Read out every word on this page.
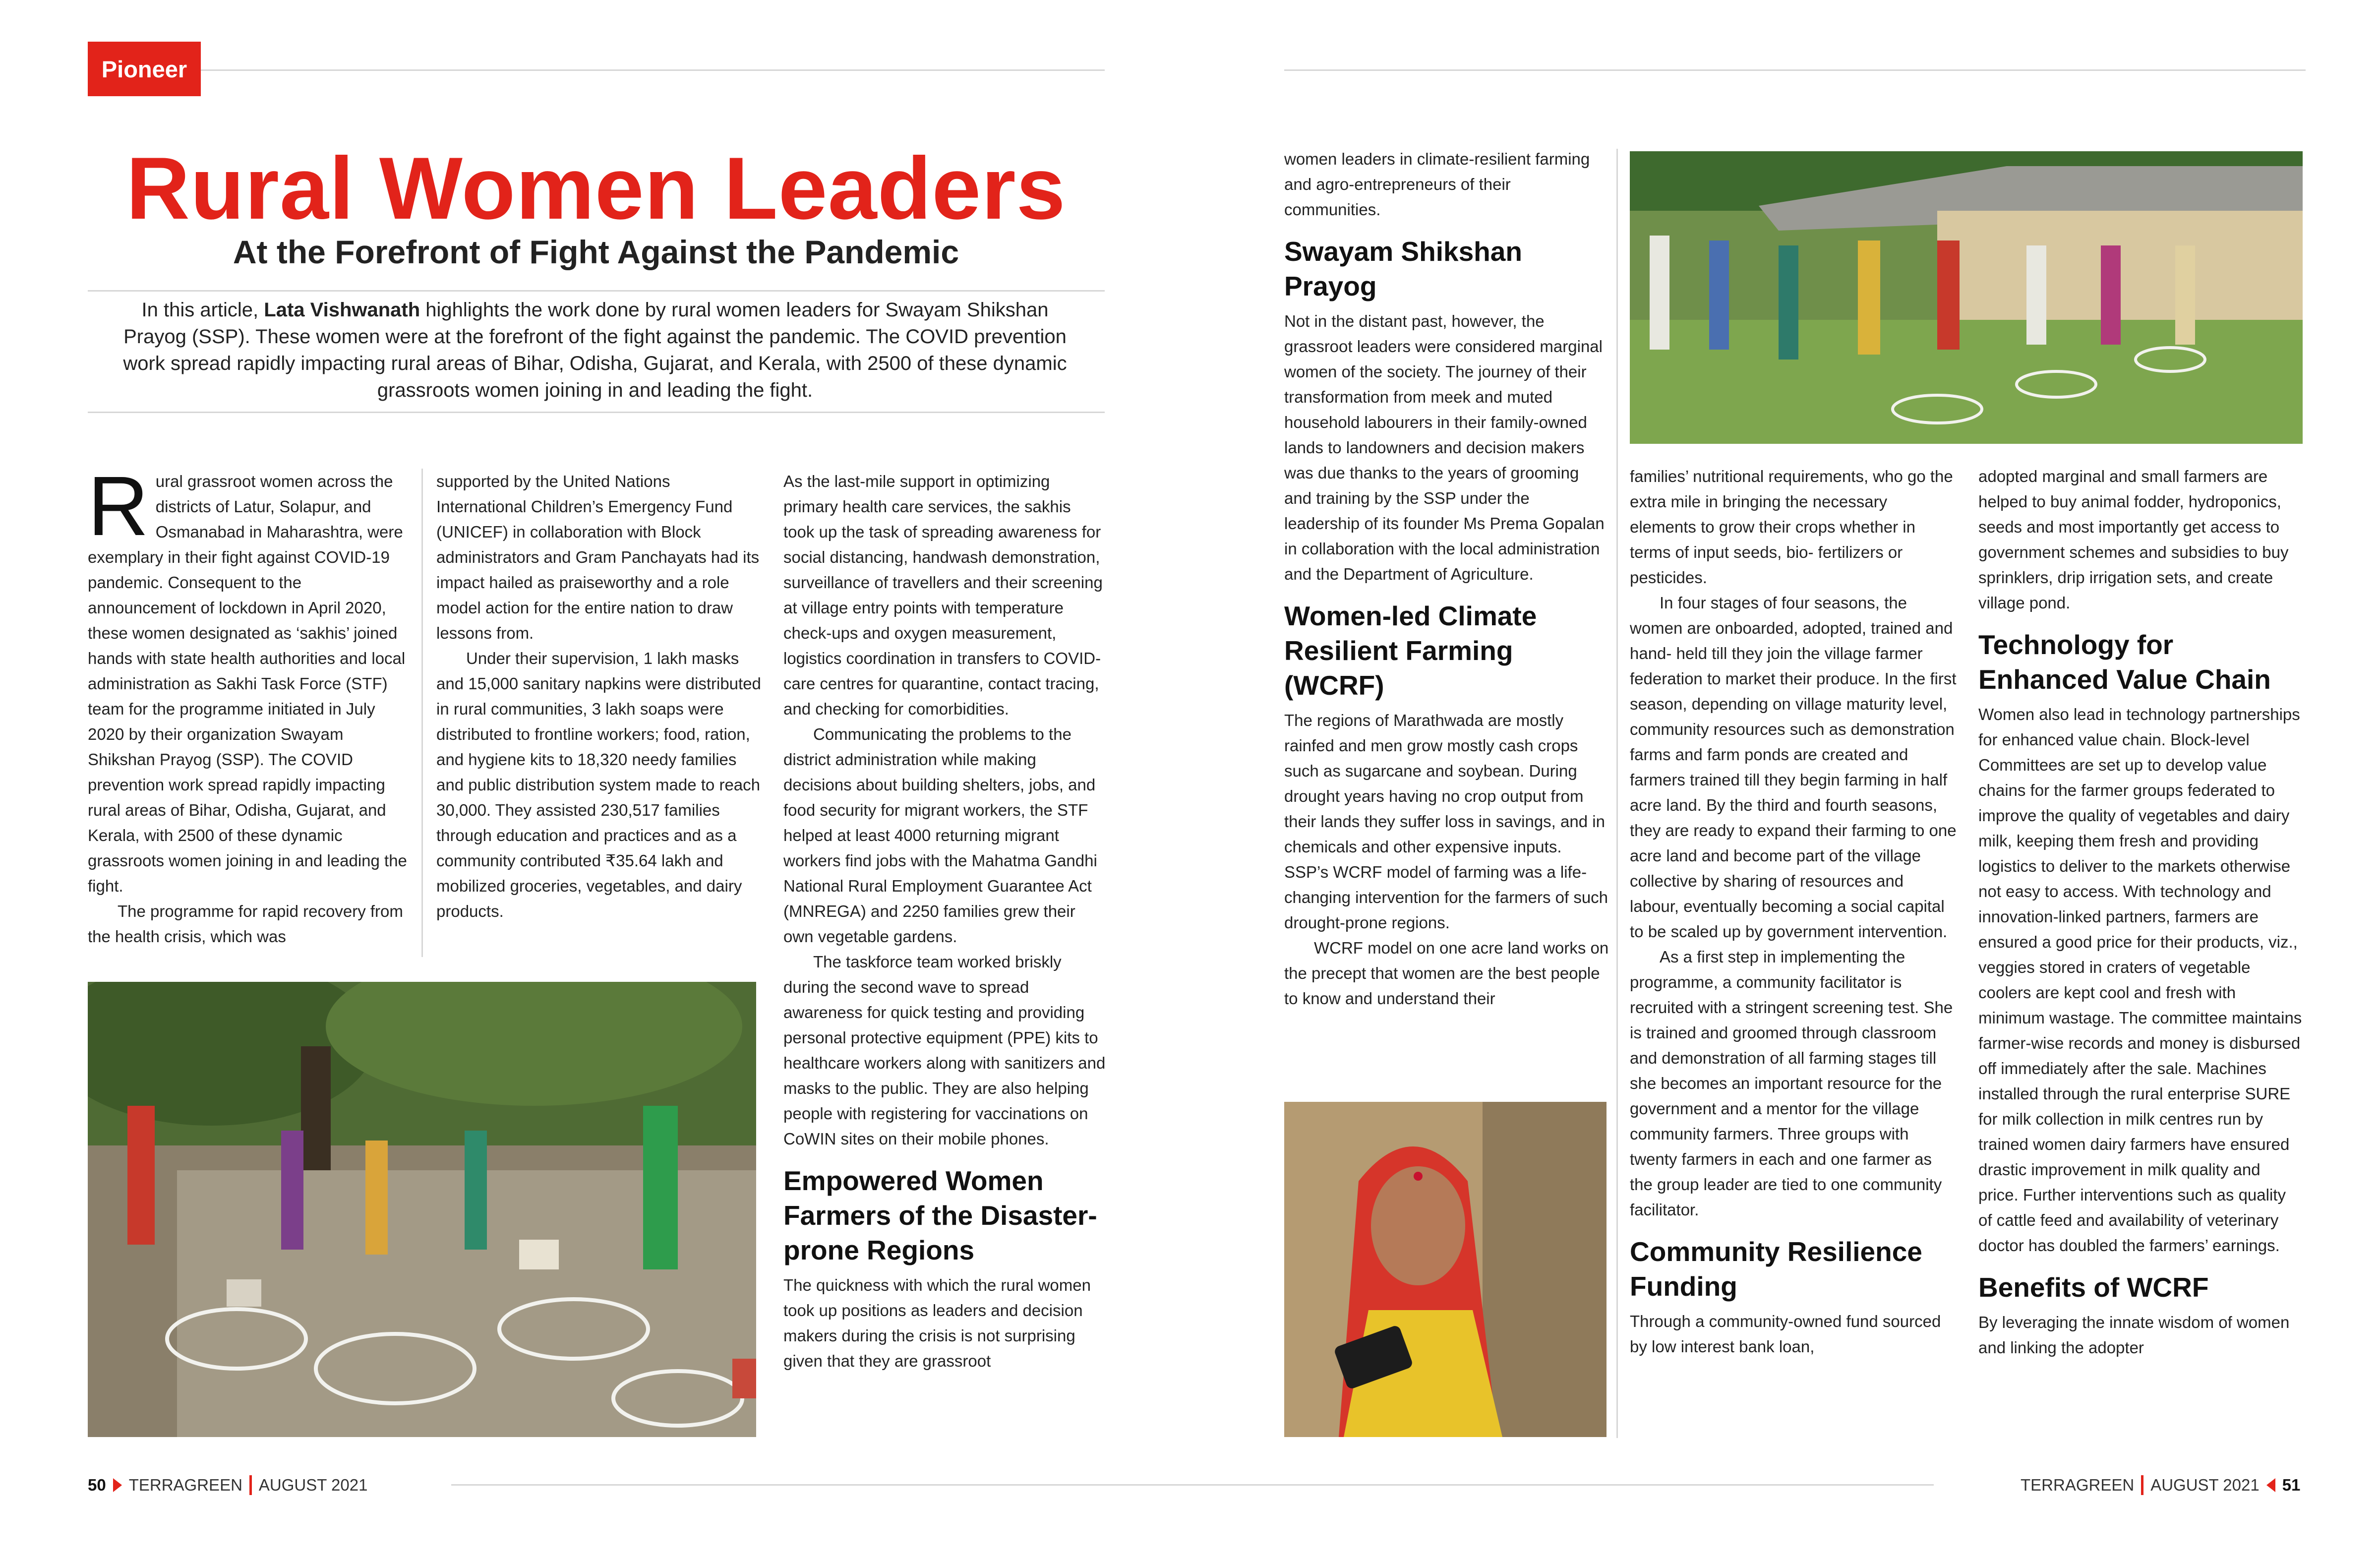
Pioneer
Rural Women Leaders
At the Forefront of Fight Against the Pandemic
In this article, Lata Vishwanath highlights the work done by rural women leaders for Swayam Shikshan Prayog (SSP). These women were at the forefront of the fight against the pandemic. The COVID prevention work spread rapidly impacting rural areas of Bihar, Odisha, Gujarat, and Kerala, with 2500 of these dynamic grassroots women joining in and leading the fight.

Rural grassroot women across the districts of Latur, Solapur, and Osmanabad in Maharashtra, were exemplary in their fight against COVID-19 pandemic. Consequent to the announcement of lockdown in April 2020, these women designated as ‘sakhis’ joined hands with state health authorities and local administration as Sakhi Task Force (STF) team for the programme initiated in July 2020 by their organization Swayam Shikshan Prayog (SSP). The COVID prevention work spread rapidly impacting rural areas of Bihar, Odisha, Gujarat, and Kerala, with 2500 of these dynamic grassroots women joining in and leading the fight.

The programme for rapid recovery from the health crisis, which was

supported by the United Nations International Children’s Emergency Fund (UNICEF) in collaboration with Block administrators and Gram Panchayats had its impact hailed as praiseworthy and a role model action for the entire nation to draw lessons from.

Under their supervision, 1 lakh masks and 15,000 sanitary napkins were distributed in rural communities, 3 lakh soaps were distributed to frontline workers; food, ration, and hygiene kits to 18,320 needy families and public distribution system made to reach 30,000. They assisted 230,517 families through education and practices and as a community contributed ₹35.64 lakh and mobilized groceries, vegetables, and dairy products.

As the last-mile support in optimizing primary health care services, the sakhis took up the task of spreading awareness for social distancing, handwash demonstration, surveillance of travellers and their screening at village entry points with temperature check-ups and oxygen measurement, logistics coordination in transfers to COVID-care centres for quarantine, contact tracing, and checking for comorbidities.

Communicating the problems to the district administration while making decisions about building shelters, jobs, and food security for migrant workers, the STF helped at least 4000 returning migrant workers find jobs with the Mahatma Gandhi National Rural Employment Guarantee Act (MNREGA) and 2250 families grew their own vegetable gardens.

The taskforce team worked briskly during the second wave to spread awareness for quick testing and providing personal protective equipment (PPE) kits to healthcare workers along with sanitizers and masks to the public. They are also helping people with registering for vaccinations on CoWIN sites on their mobile phones.

Empowered Women Farmers of the Disaster-prone Regions

The quickness with which the rural women took up positions as leaders and decision makers during the crisis is not surprising given that they are grassroot

women leaders in climate-resilient farming and agro-entrepreneurs of their communities.

Swayam Shikshan Prayog

Not in the distant past, however, the grassroot leaders were considered marginal women of the society. The journey of their transformation from meek and muted household labourers in their family-owned lands to landowners and decision makers was due thanks to the years of grooming and training by the SSP under the leadership of its founder Ms Prema Gopalan in collaboration with the local administration and the Department of Agriculture.

Women-led Climate Resilient Farming (WCRF)

The regions of Marathwada are mostly rainfed and men grow mostly cash crops such as sugarcane and soybean. During drought years having no crop output from their lands they suffer loss in savings, and in chemicals and other expensive inputs. SSP’s WCRF model of farming was a life-changing intervention for the farmers of such drought-prone regions.

WCRF model on one acre land works on the precept that women are the best people to know and understand their

families’ nutritional requirements, who go the extra mile in bringing the necessary elements to grow their crops whether in terms of input seeds, bio- fertilizers or pesticides.

In four stages of four seasons, the women are onboarded, adopted, trained and hand- held till they join the village farmer federation to market their produce. In the first season, depending on village maturity level, community resources such as demonstration farms and farm ponds are created and farmers trained till they begin farming in half acre land. By the third and fourth seasons, they are ready to expand their farming to one acre land and become part of the village collective by sharing of resources and labour, eventually becoming a social capital to be scaled up by government intervention.

As a first step in implementing the programme, a community facilitator is recruited with a stringent screening test. She is trained and groomed through classroom and demonstration of all farming stages till she becomes an important resource for the government and a mentor for the village community farmers. Three groups with twenty farmers in each and one farmer as the group leader are tied to one community facilitator.

Community Resilience Funding

Through a community-owned fund sourced by low interest bank loan,

adopted marginal and small farmers are helped to buy animal fodder, hydroponics, seeds and most importantly get access to government schemes and subsidies to buy sprinklers, drip irrigation sets, and create village pond.

Technology for Enhanced Value Chain

Women also lead in technology partnerships for enhanced value chain. Block-level Committees are set up to develop value chains for the farmer groups federated to improve the quality of vegetables and dairy milk, keeping them fresh and providing logistics to deliver to the markets otherwise not easy to access. With technology and innovation-linked partners, farmers are ensured a good price for their products, viz., veggies stored in craters of vegetable coolers are kept cool and fresh with minimum wastage. The committee maintains farmer-wise records and money is disbursed off immediately after the sale. Machines installed through the rural enterprise SURE for milk collection in milk centres run by trained women dairy farmers have ensured drastic improvement in milk quality and price. Further interventions such as quality of cattle feed and availability of veterinary doctor has doubled the farmers’ earnings.

Benefits of WCRF

By leveraging the innate wisdom of women and linking the adopter

50 TERRAGREEN AUGUST 2021	TERRAGREEN AUGUST 2021 51
